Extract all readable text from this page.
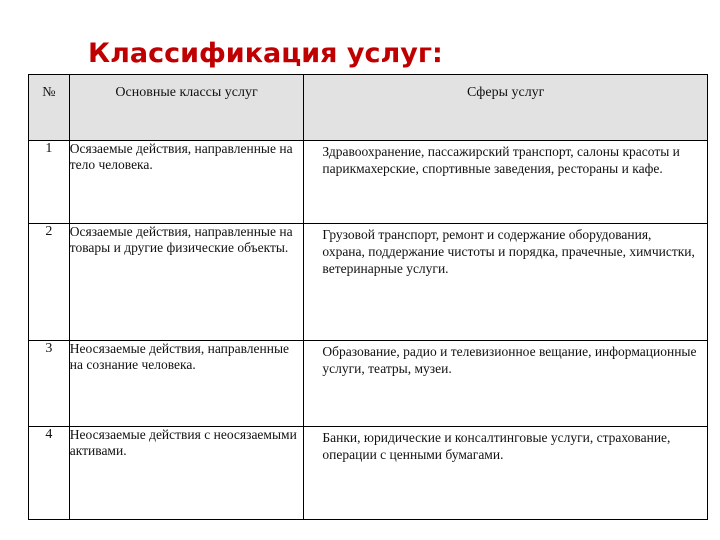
Классификация услуг:
№	Основные классы услуг	Сферы услуг

1	Осязаемые действия, направленные на тело человека.	Здравоохранение, пассажирский транспорт, салоны красоты и парикмахерские, спортивные заведения, рестораны и кафе.
2	Осязаемые действия, направленные на товары и другие физические объекты.	Грузовой транспорт, ремонт и содержание оборудования, охрана, поддержание чистоты и порядка, прачечные, химчистки, ветеринарные услуги.
3	Неосязаемые действия, направленные на сознание человека.	Образование, радио и телевизионное вещание, информационные услуги, театры, музеи.
4	Неосязаемые действия с неосязаемыми активами.	Банки, юридические и консалтинговые услуги, страхование, операции с ценными бумагами.
